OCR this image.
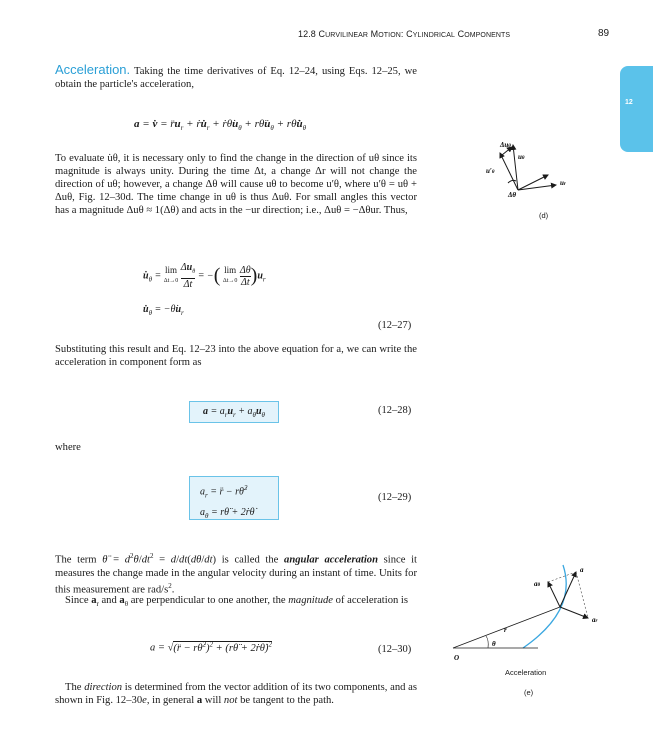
12.8 CURVILINEAR MOTION: CYLINDRICAL COMPONENTS	89
12
Acceleration. Taking the time derivatives of Eq. 12–24, using Eqs. 12–25, we obtain the particle's acceleration,
a = v̇ = $r̈u_r$ + $ṙu̇_r$ + $ṙ\thetȧu_\theta$ + $r\thetäu_\theta$ + $r\thetȧu̇_\theta$
To evaluate u̇θ, it is necessary only to find the change in the direction of uθ since its magnitude is always unity. During the time Δt, a change Δr will not change the direction of uθ; however, a change Δθ will cause uθ to become u′θ, where u′θ = uθ + Δuθ, Fig. 12–30d. The time change in uθ is thus Δuθ. For small angles this vector has a magnitude Δuθ ≈ 1(Δθ) and acts in the −ur direction; i.e., Δuθ = −Δθur. Thus,
$u̇_\theta = \lim$
Δt→0 $\Delta u_\theta$

Δt
= −( lim
Δt→0 Δθ

Δt )$u_r$
$u̇_\theta$ = $-\thetȧu_r$
(12–27)
Substituting this result and Eq. 12–23 into the above equation for a, we can write the acceleration in component form as
$a = a_ru_r + a_\theta u_\theta$	(12–28)
where
$a_r$ = r̈ − rθ̇$^2$
$a_\theta$ = rθ̈ + 2ṙθ̇
(12–29)
The term θ̈ = $d^2\theta/dt^2 = d/dt(d\theta/dt)$ is called the angular acceleration since it measures the change made in the angular velocity during an instant of time. Units for this measurement are rad/$s^2$.
Since $a_r$ and $a_\theta$ are perpendicular to one another, the magnitude of acceleration is
a = √(r̈ − rθ̇$^2$)$^2$ + (rθ̈ + 2ṙθ̇)$^2$	(12–30)
The direction is determined from the vector addition of its two components, and as shown in Fig. 12–30e, in general a will not be tangent to the path.
Δuθ
uθ
u′θ
ur
Δθ
(d)
a
aθ
ar
r
θ
O
Acceleration
(e)
